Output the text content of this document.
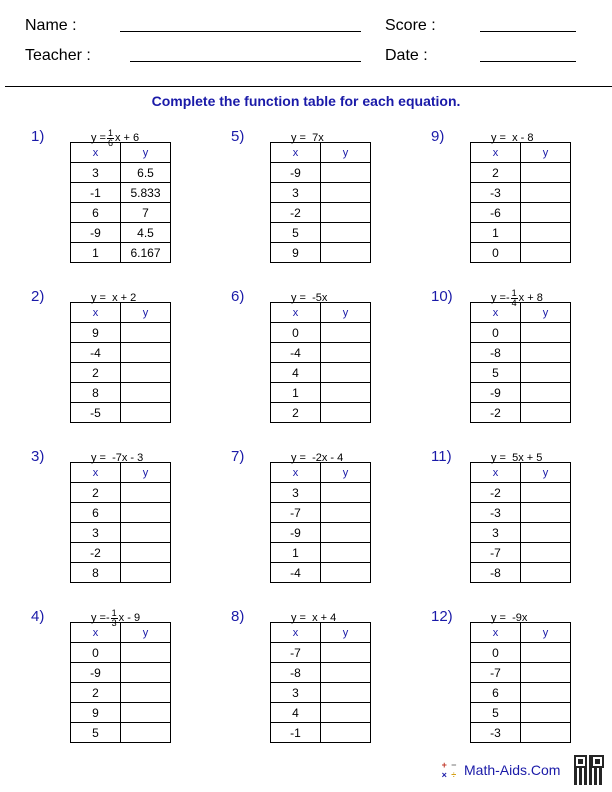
Name :	Score :
Teacher :	Date :
Complete the function table for each equation.
1)	$y = \frac{1}{6}$ x + 6
x	y
3	6.5
-1	5.833
6	7
-9	4.5
1	6.167
2)	y =  x + 2
x	y
9	
-4	
2	
8	
-5	
3)	y =  -7x - 3
x	y
2	
6	
3	
-2	
8	
4)	y = - $\frac{1}{3}$ x - 9
x	y
0	
-9	
2	
9	
5	
5)	y =  7x
x	y
-9	
3	
-2	
5	
9	
6)	y =  -5x
x	y
0	
-4	
4	
1	
2	
7)	y =  -2x - 4
x	y
3	
-7	
-9	
1	
-4	
8)	y =  x + 4
x	y
-7	
-8	
3	
4	
-1	
9)	y =  x - 8
x	y
2	
-3	
-6	
1	
0	
10)	y = - $\frac{1}{4}$ x + 8
x	y
0	
-8	
5	
-9	
-2	
11)	y =  5x + 5
x	y
-2	
-3	
3	
-7	
-8	
12)	y =  -9x
x	y
0	
-7	
6	
5	
-3	
+ −
× ÷ Math-Aids.Com
